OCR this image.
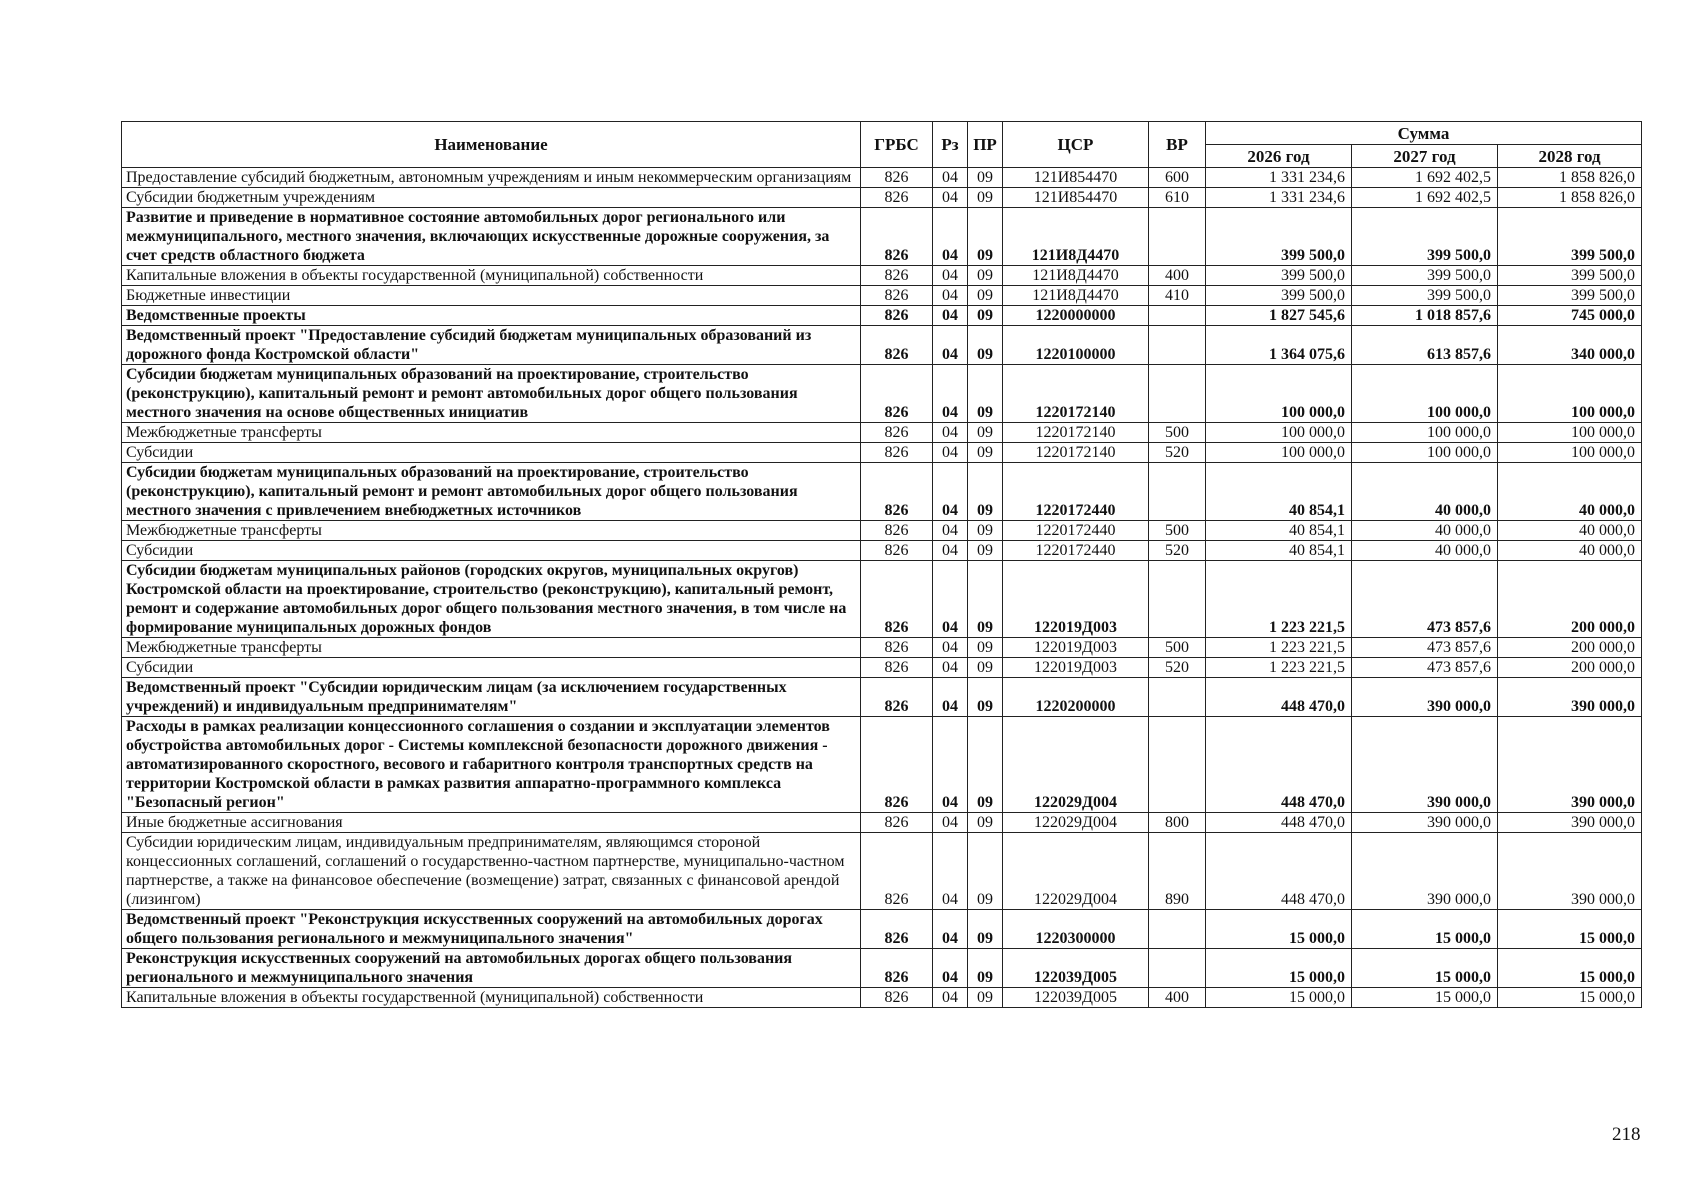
Наименование	ГРБС	Рз	ПР	ЦСР	ВР	Сумма		
						2026 год	2027 год	2028 год
Предоставление субсидий бюджетным, автономным учреждениям и иным некоммерческим организациям	826	04	09	121И854470	600	1 331 234,6	1 692 402,5	1 858 826,0
Субсидии бюджетным учреждениям	826	04	09	121И854470	610	1 331 234,6	1 692 402,5	1 858 826,0
Развитие и приведение в нормативное состояние автомобильных дорог регионального или межмуниципального, местного значения, включающих искусственные дорожные сооружения, за счет средств областного бюджета	826	04	09	121И8Д4470		399 500,0	399 500,0	399 500,0
Капитальные вложения в объекты государственной (муниципальной) собственности	826	04	09	121И8Д4470	400	399 500,0	399 500,0	399 500,0
Бюджетные инвестиции	826	04	09	121И8Д4470	410	399 500,0	399 500,0	399 500,0
Ведомственные проекты	826	04	09	1220000000		1 827 545,6	1 018 857,6	745 000,0
Ведомственный проект "Предоставление субсидий бюджетам муниципальных образований из дорожного фонда Костромской области"	826	04	09	1220100000		1 364 075,6	613 857,6	340 000,0
Субсидии бюджетам муниципальных образований на проектирование, строительство (реконструкцию), капитальный ремонт и ремонт автомобильных дорог общего пользования местного значения на основе общественных инициатив	826	04	09	1220172140		100 000,0	100 000,0	100 000,0
Межбюджетные трансферты	826	04	09	1220172140	500	100 000,0	100 000,0	100 000,0
Субсидии	826	04	09	1220172140	520	100 000,0	100 000,0	100 000,0
Субсидии бюджетам муниципальных образований на проектирование, строительство (реконструкцию), капитальный ремонт и ремонт автомобильных дорог общего пользования местного значения с привлечением внебюджетных источников	826	04	09	1220172440		40 854,1	40 000,0	40 000,0
Межбюджетные трансферты	826	04	09	1220172440	500	40 854,1	40 000,0	40 000,0
Субсидии	826	04	09	1220172440	520	40 854,1	40 000,0	40 000,0
Субсидии бюджетам муниципальных районов (городских округов, муниципальных округов) Костромской области на проектирование, строительство (реконструкцию), капитальный ремонт, ремонт и содержание автомобильных дорог общего пользования местного значения, в том числе на формирование муниципальных дорожных фондов	826	04	09	122019Д003		1 223 221,5	473 857,6	200 000,0
Межбюджетные трансферты	826	04	09	122019Д003	500	1 223 221,5	473 857,6	200 000,0
Субсидии	826	04	09	122019Д003	520	1 223 221,5	473 857,6	200 000,0
Ведомственный проект "Субсидии юридическим лицам (за исключением государственных учреждений) и индивидуальным предпринимателям"	826	04	09	1220200000		448 470,0	390 000,0	390 000,0
Расходы в рамках реализации концессионного соглашения о создании и эксплуатации элементов обустройства автомобильных дорог - Системы комплексной безопасности дорожного движения - автоматизированного скоростного, весового и габаритного контроля транспортных средств на территории Костромской области в рамках развития аппаратно-программного комплекса "Безопасный регион"	826	04	09	122029Д004		448 470,0	390 000,0	390 000,0
Иные бюджетные ассигнования	826	04	09	122029Д004	800	448 470,0	390 000,0	390 000,0
Субсидии юридическим лицам, индивидуальным предпринимателям, являющимся стороной концессионных соглашений, соглашений о государственно-частном партнерстве, муниципально-частном партнерстве, а также на финансовое обеспечение (возмещение) затрат, связанных с финансовой арендой (лизингом)	826	04	09	122029Д004	890	448 470,0	390 000,0	390 000,0
Ведомственный проект "Реконструкция искусственных сооружений на автомобильных дорогах общего пользования регионального и межмуниципального значения"	826	04	09	1220300000		15 000,0	15 000,0	15 000,0
Реконструкция искусственных сооружений на автомобильных дорогах общего пользования регионального и межмуниципального значения	826	04	09	122039Д005		15 000,0	15 000,0	15 000,0
Капитальные вложения в объекты государственной (муниципальной) собственности	826	04	09	122039Д005	400	15 000,0	15 000,0	15 000,0
218
